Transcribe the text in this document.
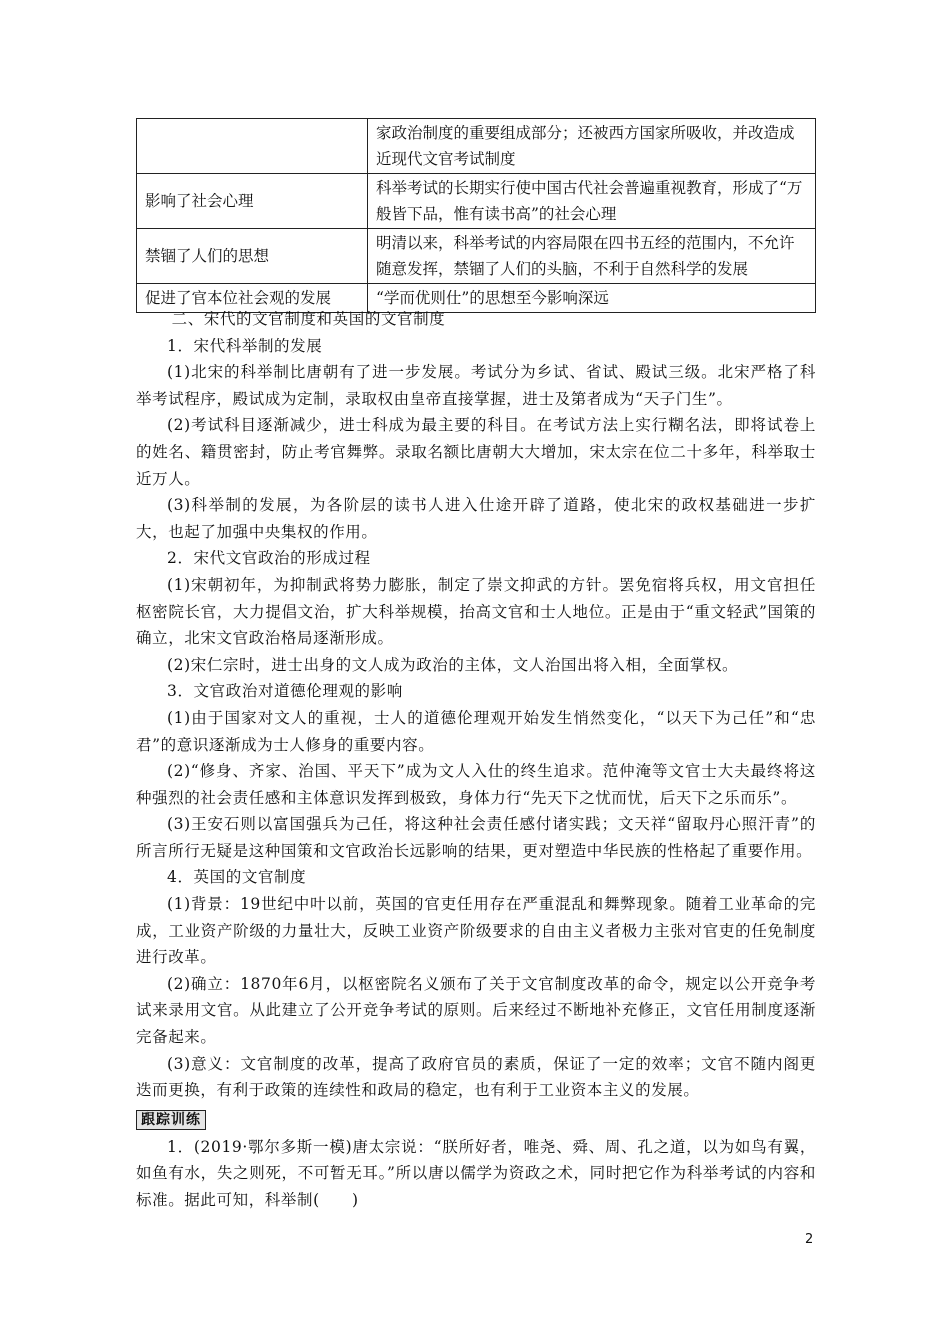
	家政治制度的重要组成部分；还被西方国家所吸收，并改造成近现代文官考试制度
影响了社会心理	科举考试的长期实行使中国古代社会普遍重视教育，形成了“万般皆下品，惟有读书高”的社会心理
禁锢了人们的思想	明清以来，科举考试的内容局限在四书五经的范围内，不允许随意发挥，禁锢了人们的头脑，不利于自然科学的发展
促进了官本位社会观的发展	“学而优则仕”的思想至今影响深远

二、宋代的文官制度和英国的文官制度

1．宋代科举制的发展

(1)北宋的科举制比唐朝有了进一步发展。考试分为乡试、省试、殿试三级。北宋严格了科举考试程序，殿试成为定制，录取权由皇帝直接掌握，进士及第者成为“天子门生”。

(2)考试科目逐渐减少，进士科成为最主要的科目。在考试方法上实行糊名法，即将试卷上的姓名、籍贯密封，防止考官舞弊。录取名额比唐朝大大增加，宋太宗在位二十多年，科举取士近万人。

(3)科举制的发展，为各阶层的读书人进入仕途开辟了道路，使北宋的政权基础进一步扩大，也起了加强中央集权的作用。

2．宋代文官政治的形成过程

(1)宋朝初年，为抑制武将势力膨胀，制定了崇文抑武的方针。罢免宿将兵权，用文官担任枢密院长官，大力提倡文治，扩大科举规模，抬高文官和士人地位。正是由于“重文轻武”国策的确立，北宋文官政治格局逐渐形成。

(2)宋仁宗时，进士出身的文人成为政治的主体，文人治国出将入相，全面掌权。

3．文官政治对道德伦理观的影响

(1)由于国家对文人的重视，士人的道德伦理观开始发生悄然变化，“以天下为己任”和“忠君”的意识逐渐成为士人修身的重要内容。

(2)“修身、齐家、治国、平天下”成为文人入仕的终生追求。范仲淹等文官士大夫最终将这种强烈的社会责任感和主体意识发挥到极致，身体力行“先天下之忧而忧，后天下之乐而乐”。

(3)王安石则以富国强兵为己任，将这种社会责任感付诸实践；文天祥“留取丹心照汗青”的所言所行无疑是这种国策和文官政治长远影响的结果，更对塑造中华民族的性格起了重要作用。

4．英国的文官制度

(1)背景：19世纪中叶以前，英国的官吏任用存在严重混乱和舞弊现象。随着工业革命的完成，工业资产阶级的力量壮大，反映工业资产阶级要求的自由主义者极力主张对官吏的任免制度进行改革。

(2)确立：1870年6月，以枢密院名义颁布了关于文官制度改革的命令，规定以公开竞争考试来录用文官。从此建立了公开竞争考试的原则。后来经过不断地补充修正，文官任用制度逐渐完备起来。

(3)意义：文官制度的改革，提高了政府官员的素质，保证了一定的效率；文官不随内阁更迭而更换，有利于政策的连续性和政局的稳定，也有利于工业资本主义的发展。

跟踪训练

1．(2019·鄂尔多斯一模)唐太宗说：“朕所好者，唯尧、舜、周、孔之道，以为如鸟有翼，如鱼有水，失之则死，不可暂无耳。”所以唐以儒学为资政之术，同时把它作为科举考试的内容和标准。据此可知，科举制(　　)

2
